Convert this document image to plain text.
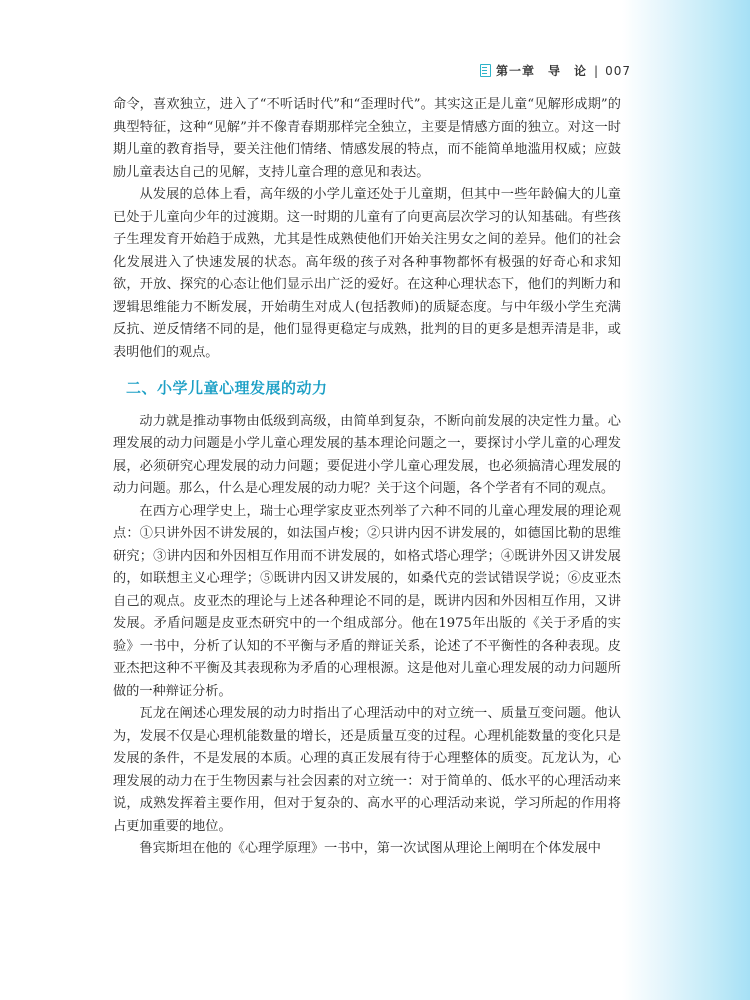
第一章　导　论 | 007

命令，喜欢独立，进入了“不听话时代”和“歪理时代”。其实这正是儿童“见解形成期”的典型特征，这种“见解”并不像青春期那样完全独立，主要是情感方面的独立。对这一时期儿童的教育指导，要关注他们情绪、情感发展的特点，而不能简单地滥用权威；应鼓励儿童表达自己的见解，支持儿童合理的意见和表达。

从发展的总体上看，高年级的小学儿童还处于儿童期，但其中一些年龄偏大的儿童已处于儿童向少年的过渡期。这一时期的儿童有了向更高层次学习的认知基础。有些孩子生理发育开始趋于成熟，尤其是性成熟使他们开始关注男女之间的差异。他们的社会化发展进入了快速发展的状态。高年级的孩子对各种事物都怀有极强的好奇心和求知欲，开放、探究的心态让他们显示出广泛的爱好。在这种心理状态下，他们的判断力和逻辑思维能力不断发展，开始萌生对成人(包括教师)的质疑态度。与中年级小学生充满反抗、逆反情绪不同的是，他们显得更稳定与成熟，批判的目的更多是想弄清是非，或表明他们的观点。

二、小学儿童心理发展的动力

动力就是推动事物由低级到高级，由简单到复杂，不断向前发展的决定性力量。心理发展的动力问题是小学儿童心理发展的基本理论问题之一，要探讨小学儿童的心理发展，必须研究心理发展的动力问题；要促进小学儿童心理发展，也必须搞清心理发展的动力问题。那么，什么是心理发展的动力呢？关于这个问题，各个学者有不同的观点。

在西方心理学史上，瑞士心理学家皮亚杰列举了六种不同的儿童心理发展的理论观点：①只讲外因不讲发展的，如法国卢梭；②只讲内因不讲发展的，如德国比勒的思维研究；③讲内因和外因相互作用而不讲发展的，如格式塔心理学；④既讲外因又讲发展的，如联想主义心理学；⑤既讲内因又讲发展的，如桑代克的尝试错误学说；⑥皮亚杰自己的观点。皮亚杰的理论与上述各种理论不同的是，既讲内因和外因相互作用，又讲发展。矛盾问题是皮亚杰研究中的一个组成部分。他在1975年出版的《关于矛盾的实验》一书中，分析了认知的不平衡与矛盾的辩证关系，论述了不平衡性的各种表现。皮亚杰把这种不平衡及其表现称为矛盾的心理根源。这是他对儿童心理发展的动力问题所做的一种辩证分析。

瓦龙在阐述心理发展的动力时指出了心理活动中的对立统一、质量互变问题。他认为，发展不仅是心理机能数量的增长，还是质量互变的过程。心理机能数量的变化只是发展的条件，不是发展的本质。心理的真正发展有待于心理整体的质变。瓦龙认为，心理发展的动力在于生物因素与社会因素的对立统一：对于简单的、低水平的心理活动来说，成熟发挥着主要作用，但对于复杂的、高水平的心理活动来说，学习所起的作用将占更加重要的地位。

鲁宾斯坦在他的《心理学原理》一书中，第一次试图从理论上阐明在个体发展中
